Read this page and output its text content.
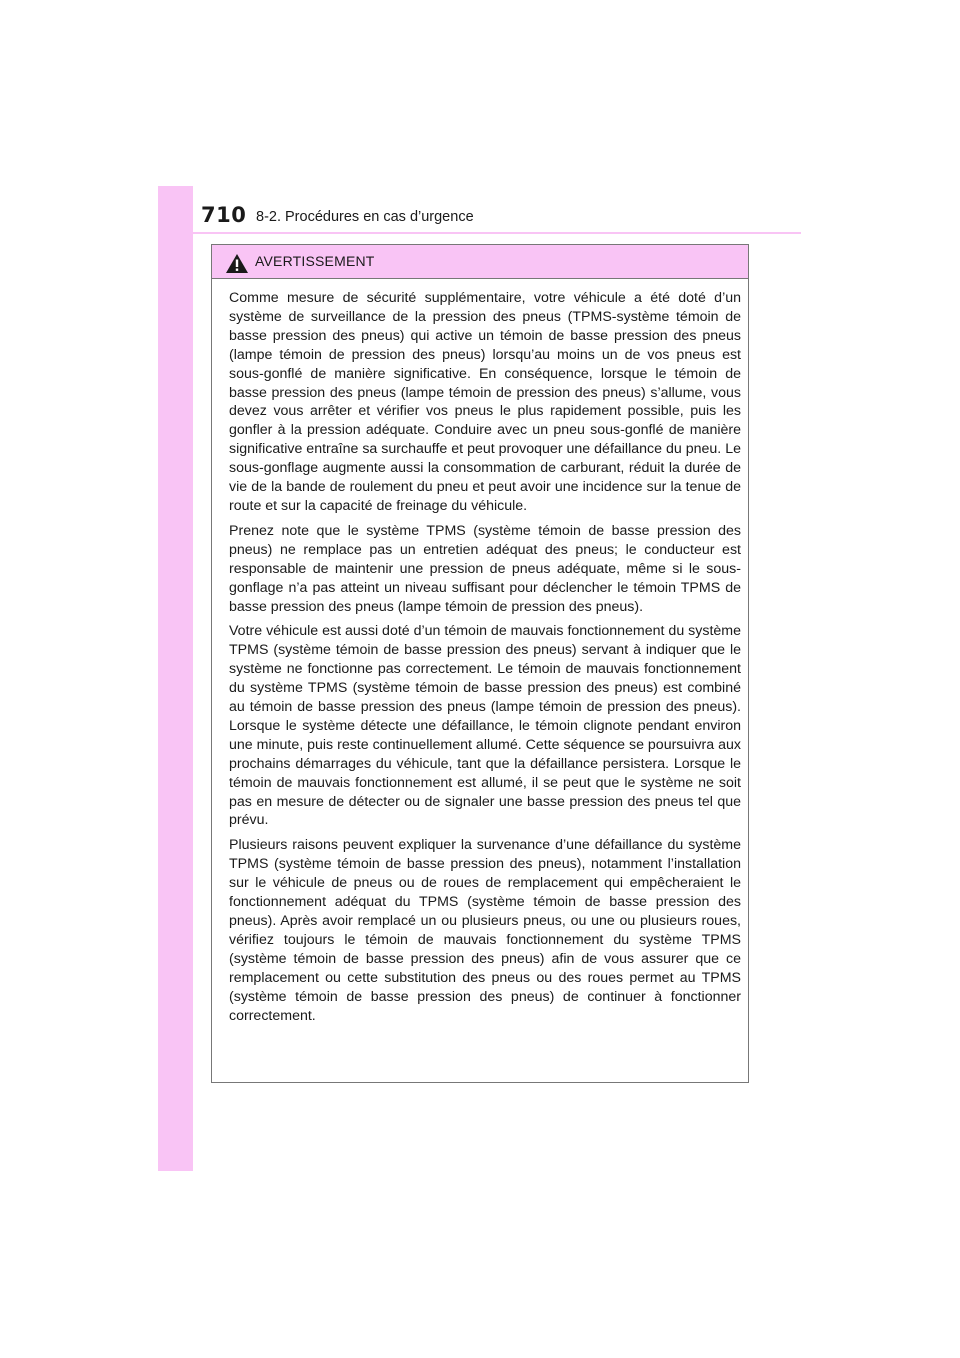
710 8-2. Procédures en cas d’urgence
AVERTISSEMENT

Comme mesure de sécurité supplémentaire, votre véhicule a été doté d’un système de surveillance de la pression des pneus (TPMS-système témoin de basse pression des pneus) qui active un témoin de basse pression des pneus (lampe témoin de pression des pneus) lorsqu’au moins un de vos pneus est sous-gonflé de manière significative. En conséquence, lorsque le témoin de basse pression des pneus (lampe témoin de pression des pneus) s’allume, vous devez vous arrêter et vérifier vos pneus le plus rapidement possible, puis les gonfler à la pression adéquate. Conduire avec un pneu sous-gonflé de manière significative entraîne sa surchauffe et peut provoquer une défaillance du pneu. Le sous-gonflage augmente aussi la consommation de carburant, réduit la durée de vie de la bande de roulement du pneu et peut avoir une incidence sur la tenue de route et sur la capacité de freinage du véhicule.

Prenez note que le système TPMS (système témoin de basse pression des pneus) ne remplace pas un entretien adéquat des pneus; le conducteur est responsable de maintenir une pression de pneus adéquate, même si le sous-gonflage n’a pas atteint un niveau suffisant pour déclencher le témoin TPMS de basse pression des pneus (lampe témoin de pression des pneus).

Votre véhicule est aussi doté d’un témoin de mauvais fonctionnement du système TPMS (système témoin de basse pression des pneus) servant à indiquer que le système ne fonctionne pas correctement. Le témoin de mauvais fonctionnement du système TPMS (système témoin de basse pression des pneus) est combiné au témoin de basse pression des pneus (lampe témoin de pression des pneus). Lorsque le système détecte une défaillance, le témoin clignote pendant environ une minute, puis reste continuellement allumé. Cette séquence se poursuivra aux prochains démarrages du véhicule, tant que la défaillance persistera. Lorsque le témoin de mauvais fonctionnement est allumé, il se peut que le système ne soit pas en mesure de détecter ou de signaler une basse pression des pneus tel que prévu.

Plusieurs raisons peuvent expliquer la survenance d’une défaillance du système TPMS (système témoin de basse pression des pneus), notamment l’installation sur le véhicule de pneus ou de roues de remplacement qui empêcheraient le fonctionnement adéquat du TPMS (système témoin de basse pression des pneus). Après avoir remplacé un ou plusieurs pneus, ou une ou plusieurs roues, vérifiez toujours le témoin de mauvais fonctionnement du système TPMS (système témoin de basse pression des pneus) afin de vous assurer que ce remplacement ou cette substitution des pneus ou des roues permet au TPMS (système témoin de basse pression des pneus) de continuer à fonctionner correctement.
